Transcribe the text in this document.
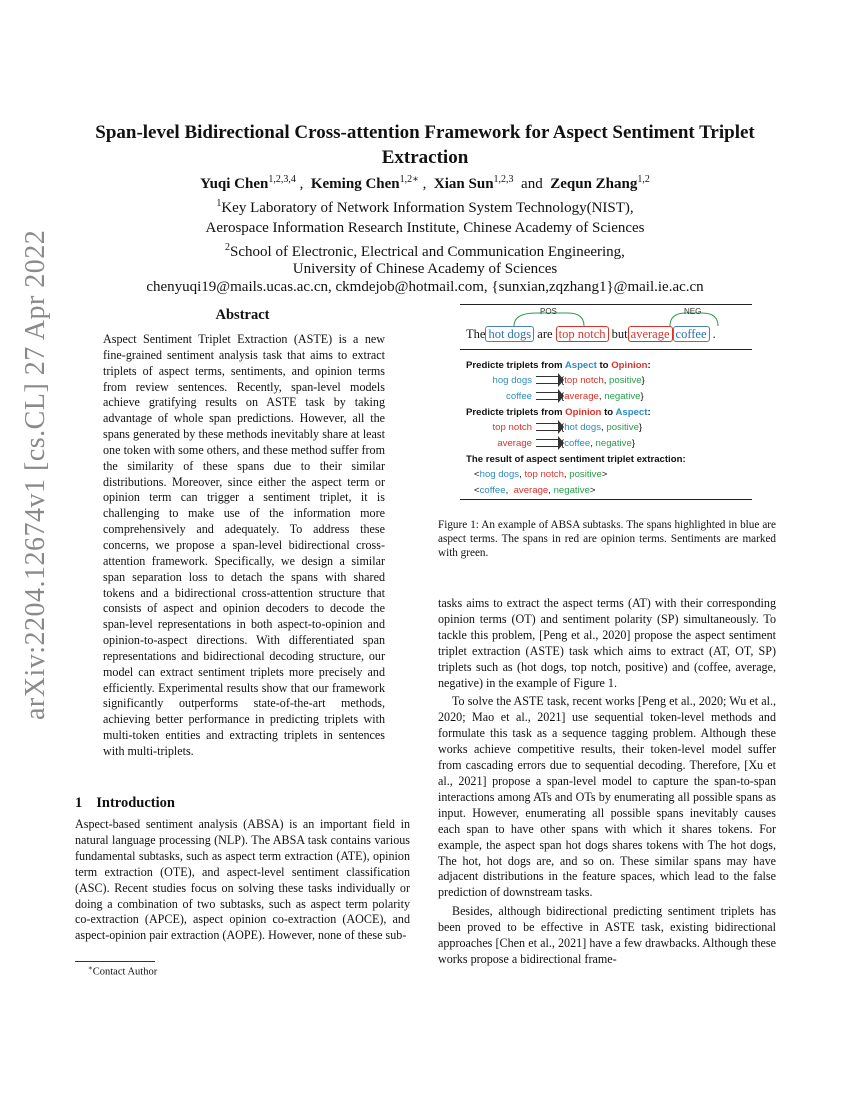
arXiv:2204.12674v1 [cs.CL] 27 Apr 2022
Span-level Bidirectional Cross-attention Framework for Aspect Sentiment Triplet Extraction
Yuqi Chen$^{1,2,3,4}$ ,  Keming Chen$^{1,2∗}$ ,  Xian Sun$^{1,2,3}$ and Zequn Zhang$^{1,2}$
$^1$Key Laboratory of Network Information System Technology(NIST),
Aerospace Information Research Institute, Chinese Academy of Sciences
$^2$School of Electronic, Electrical and Communication Engineering,
University of Chinese Academy of Sciences
chenyuqi19@mails.ucas.ac.cn, ckmdejob@hotmail.com, {sunxian,zqzhang1}@mail.ie.ac.cn
Abstract
Aspect Sentiment Triplet Extraction (ASTE) is a new fine-grained sentiment analysis task that aims to extract triplets of aspect terms, sentiments, and opinion terms from review sentences. Recently, span-level models achieve gratifying results on ASTE task by taking advantage of whole span predictions. However, all the spans generated by these methods inevitably share at least one token with some others, and these method suffer from the similarity of these spans due to their similar distributions. Moreover, since either the aspect term or opinion term can trigger a sentiment triplet, it is challenging to make use of the information more comprehensively and adequately. To address these concerns, we propose a span-level bidirectional cross-attention framework. Specifically, we design a similar span separation loss to detach the spans with shared tokens and a bidirectional cross-attention structure that consists of aspect and opinion decoders to decode the span-level representations in both aspect-to-opinion and opinion-to-aspect directions. With differentiated span representations and bidirectional decoding structure, our model can extract sentiment triplets more precisely and efficiently. Experimental results show that our framework significantly outperforms state-of-the-art methods, achieving better performance in predicting triplets with multi-token entities and extracting triplets in sentences with multi-triplets.
1 Introduction
Aspect-based sentiment analysis (ABSA) is an important field in natural language processing (NLP). The ABSA task contains various fundamental subtasks, such as aspect term extraction (ATE), opinion term extraction (OTE), and aspect-level sentiment classification (ASC). Recent studies focus on solving these tasks individually or doing a combination of two subtasks, such as aspect term polarity co-extraction (APCE), aspect opinion co-extraction (AOCE), and aspect-opinion pair extraction (AOPE). However, none of these sub-
∗Contact Author
POS	NEG
The hot dogs are top notch but average coffee .
Predicte triplets from Aspect to Opinion:
hog dogs	{top notch, positive}
coffee	{average, negative}
Predicte triplets from Opinion to Aspect:
top notch	{hot dogs, positive}
average	{coffee, negative}
The result of aspect sentiment triplet extraction:
<hog dogs, top notch, positive>
<coffee,  average, negative>
Figure 1: An example of ABSA subtasks. The spans highlighted in blue are aspect terms. The spans in red are opinion terms. Sentiments are marked with green.

tasks aims to extract the aspect terms (AT) with their corresponding opinion terms (OT) and sentiment polarity (SP) simultaneously. To tackle this problem, [Peng et al., 2020] propose the aspect sentiment triplet extraction (ASTE) task which aims to extract (AT, OT, SP) triplets such as (hot dogs, top notch, positive) and (coffee, average, negative) in the example of Figure 1.

To solve the ASTE task, recent works [Peng et al., 2020; Wu et al., 2020; Mao et al., 2021] use sequential token-level methods and formulate this task as a sequence tagging problem. Although these works achieve competitive results, their token-level model suffer from cascading errors due to sequential decoding. Therefore, [Xu et al., 2021] propose a span-level model to capture the span-to-span interactions among ATs and OTs by enumerating all possible spans as input. However, enumerating all possible spans inevitably causes each span to have other spans with which it shares tokens. For example, the aspect span hot dogs shares tokens with The hot dogs, The hot, hot dogs are, and so on. These similar spans may have adjacent distributions in the feature spaces, which lead to the false prediction of downstream tasks.

Besides, although bidirectional predicting sentiment triplets has been proved to be effective in ASTE task, existing bidirectional approaches [Chen et al., 2021] have a few drawbacks. Although these works propose a bidirectional frame-
